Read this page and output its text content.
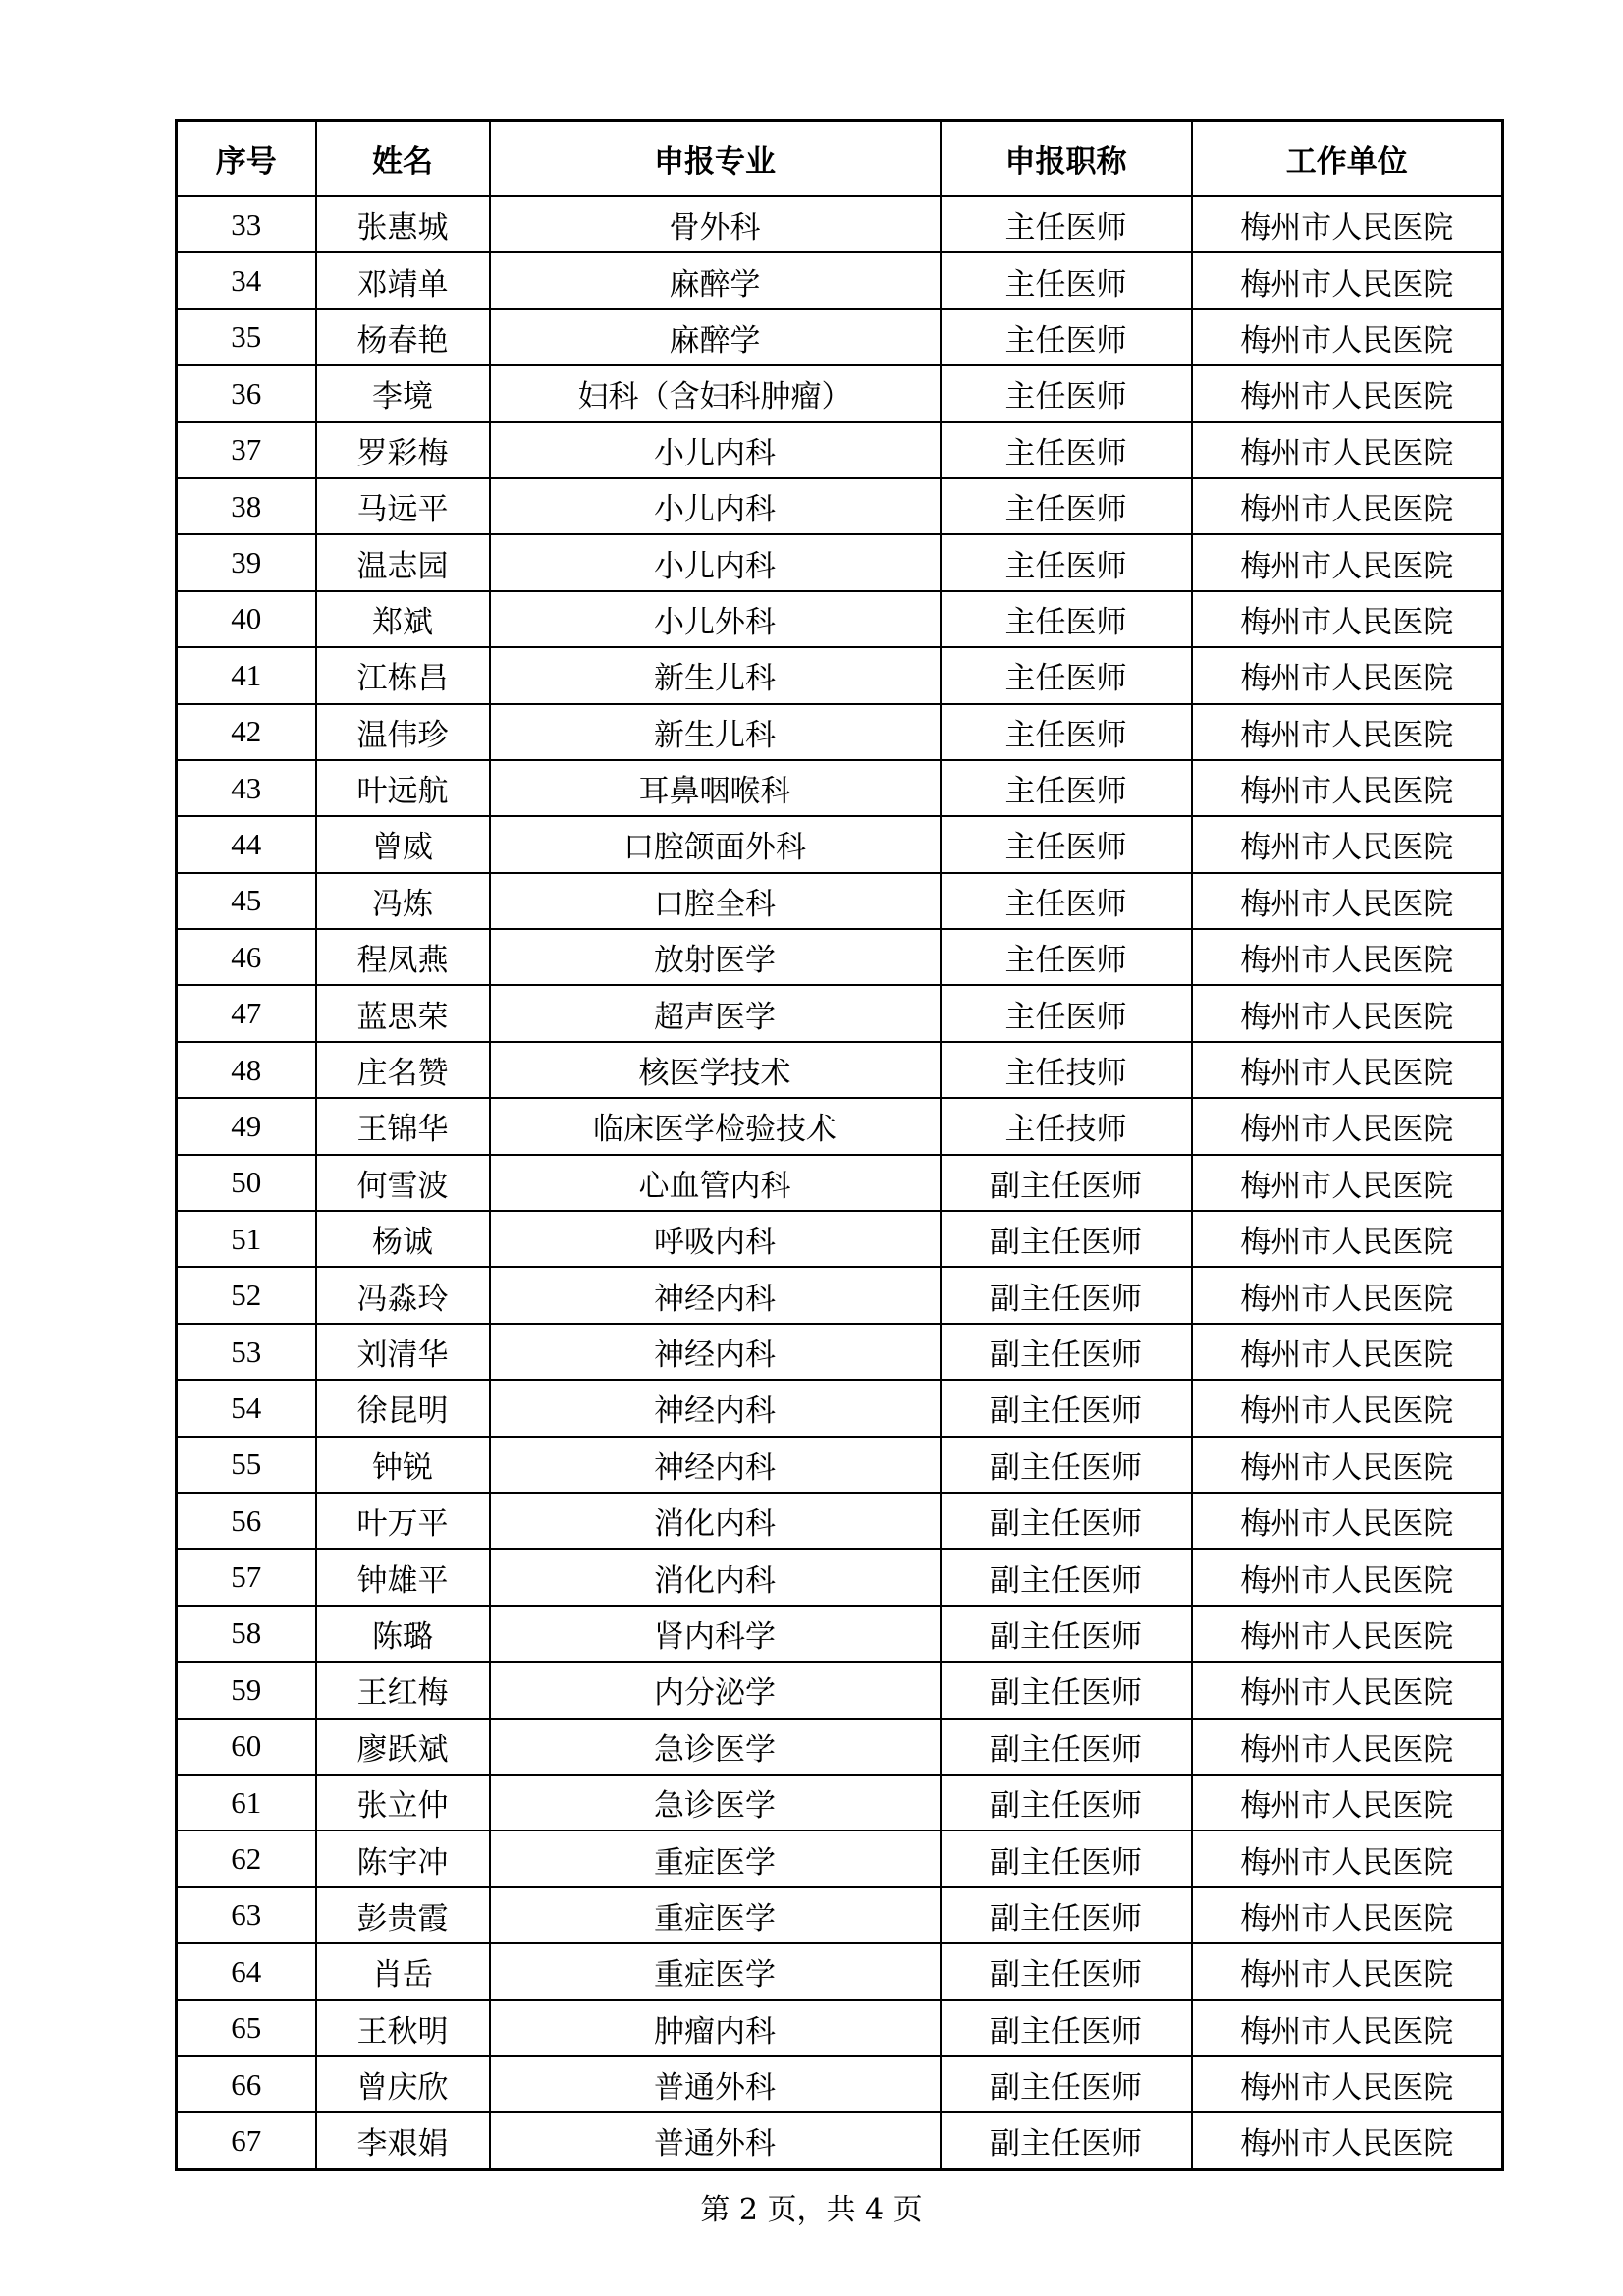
序号	姓名	申报专业	申报职称	工作单位
33	张惠城	骨外科	主任医师	梅州市人民医院
34	邓靖单	麻醉学	主任医师	梅州市人民医院
35	杨春艳	麻醉学	主任医师	梅州市人民医院
36	李境	妇科（含妇科肿瘤）	主任医师	梅州市人民医院
37	罗彩梅	小儿内科	主任医师	梅州市人民医院
38	马远平	小儿内科	主任医师	梅州市人民医院
39	温志园	小儿内科	主任医师	梅州市人民医院
40	郑斌	小儿外科	主任医师	梅州市人民医院
41	江栋昌	新生儿科	主任医师	梅州市人民医院
42	温伟珍	新生儿科	主任医师	梅州市人民医院
43	叶远航	耳鼻咽喉科	主任医师	梅州市人民医院
44	曾威	口腔颌面外科	主任医师	梅州市人民医院
45	冯炼	口腔全科	主任医师	梅州市人民医院
46	程凤燕	放射医学	主任医师	梅州市人民医院
47	蓝思荣	超声医学	主任医师	梅州市人民医院
48	庄名赞	核医学技术	主任技师	梅州市人民医院
49	王锦华	临床医学检验技术	主任技师	梅州市人民医院
50	何雪波	心血管内科	副主任医师	梅州市人民医院
51	杨诚	呼吸内科	副主任医师	梅州市人民医院
52	冯淼玲	神经内科	副主任医师	梅州市人民医院
53	刘清华	神经内科	副主任医师	梅州市人民医院
54	徐昆明	神经内科	副主任医师	梅州市人民医院
55	钟锐	神经内科	副主任医师	梅州市人民医院
56	叶万平	消化内科	副主任医师	梅州市人民医院
57	钟雄平	消化内科	副主任医师	梅州市人民医院
58	陈璐	肾内科学	副主任医师	梅州市人民医院
59	王红梅	内分泌学	副主任医师	梅州市人民医院
60	廖跃斌	急诊医学	副主任医师	梅州市人民医院
61	张立仲	急诊医学	副主任医师	梅州市人民医院
62	陈宇冲	重症医学	副主任医师	梅州市人民医院
63	彭贵霞	重症医学	副主任医师	梅州市人民医院
64	肖岳	重症医学	副主任医师	梅州市人民医院
65	王秋明	肿瘤内科	副主任医师	梅州市人民医院
66	曾庆欣	普通外科	副主任医师	梅州市人民医院
67	李艰娟	普通外科	副主任医师	梅州市人民医院
第 2 页，共 4 页
